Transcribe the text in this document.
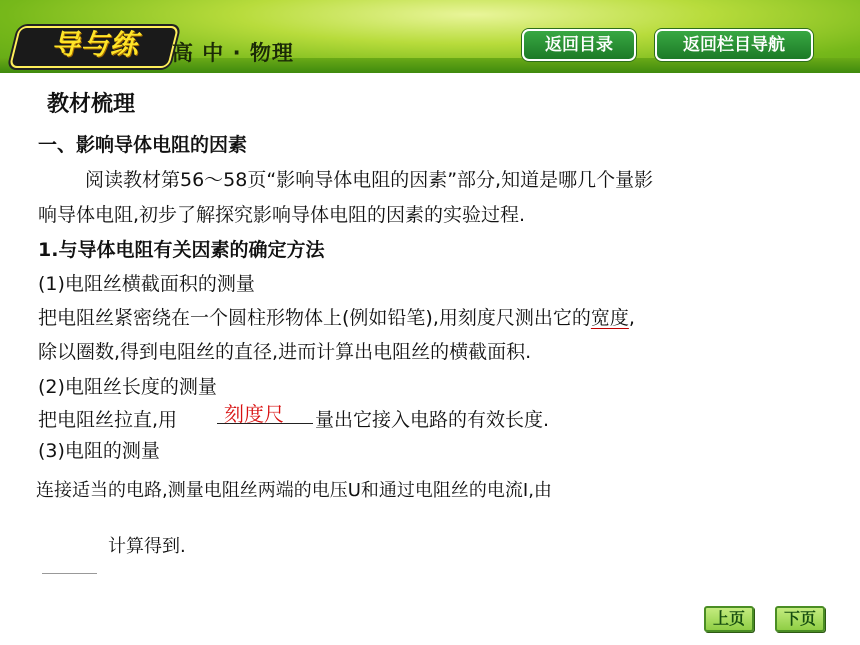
导与练	高 中 · 物理	返回目录	返回栏目导航
教材梳理
一、影响导体电阻的因素
阅读教材第56～58页“影响导体电阻的因素”部分,知道是哪几个量影
响导体电阻,初步了解探究影响导体电阻的因素的实验过程.
1.与导体电阻有关因素的确定方法
(1)电阻丝横截面积的测量
把电阻丝紧密绕在一个圆柱形物体上(例如铅笔),用刻度尺测出它的宽度,
除以圈数,得到电阻丝的直径,进而计算出电阻丝的横截面积.
(2)电阻丝长度的测量
把电阻丝拉直,用 刻度尺 量出它接入电路的有效长度.
(3)电阻的测量
连接适当的电路,测量电阻丝两端的电压U和通过电阻丝的电流I,由
计算得到.
上页	下页
